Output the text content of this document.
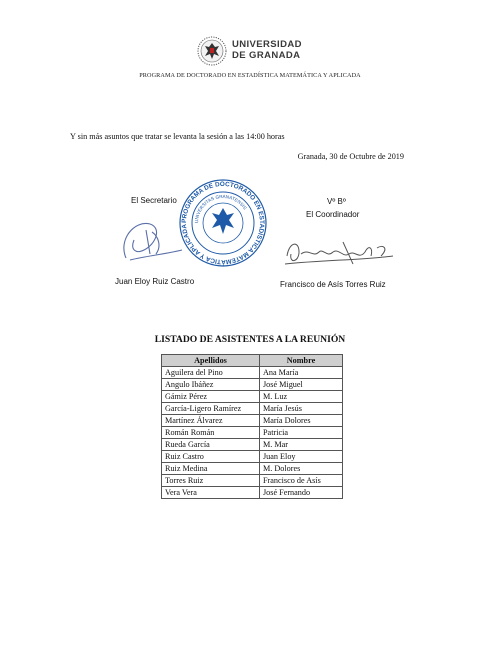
UNIVERSIDAD
DE GRANADA
PROGRAMA DE DOCTORADO EN ESTADÍSTICA MATEMÁTICA Y APLICADA
Y sin más asuntos que tratar se levanta la sesión a las 14:00 horas
Granada, 30 de Octubre de 2019
El Secretario	Vº Bº
El Coordinador
PROGRAMA DE DOCTORADO EN ESTADÍSTICA MATEMÁTICA Y APLICADA
UNIVERSITAS GRANATENSIS
Juan Eloy Ruiz Castro	Francisco de Asís Torres Ruiz
LISTADO DE ASISTENTES A LA REUNIÓN
Apellidos	Nombre
Aguilera del Pino	Ana María
Angulo Ibáñez	José Miguel
Gámiz Pérez	M. Luz
García-Ligero Ramírez	María Jesús
Martínez Álvarez	María Dolores
Román Román	Patricia
Rueda García	M. Mar
Ruiz Castro	Juan Eloy
Ruiz Medina	M. Dolores
Torres Ruiz	Francisco de Asís
Vera Vera	José Fernando
